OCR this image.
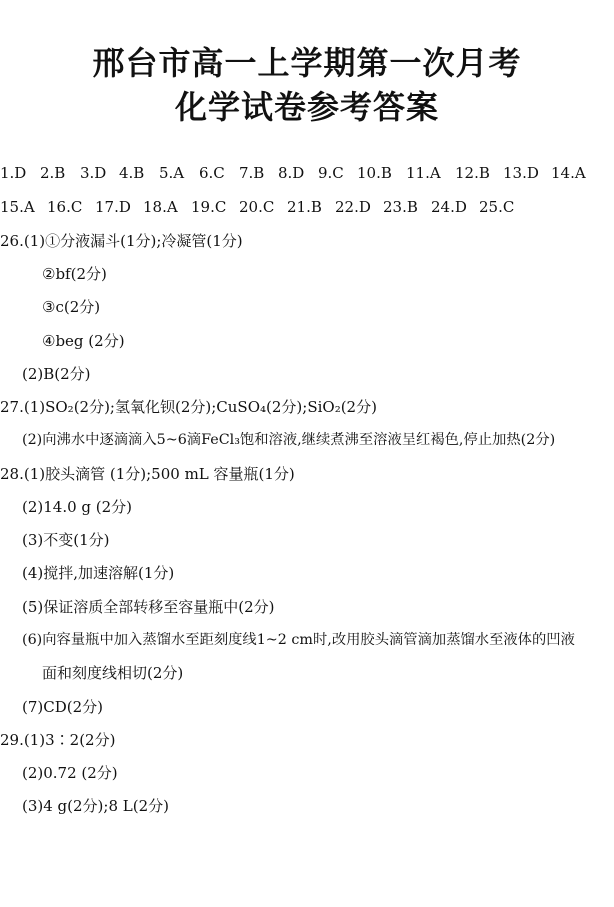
邢台市高一上学期第一次月考
化学试卷参考答案
1.D 2.B 3.D 4.B 5.A 6.C 7.B 8.D 9.C 10.B 11.A 12.B 13.D 14.A
15.A 16.C 17.D 18.A 19.C 20.C 21.B 22.D 23.B 24.D 25.C
26.(1)①分液漏斗(1分);冷凝管(1分)
②bf(2分)
③c(2分)
④beg (2分)
(2)B(2分)
27.(1)SO₂(2分);氢氧化钡(2分);CuSO₄(2分);SiO₂(2分)
(2)向沸水中逐滴滴入5~6滴FeCl₃饱和溶液,继续煮沸至溶液呈红褐色,停止加热(2分)
28.(1)胶头滴管 (1分);500 mL 容量瓶(1分)
(2)14.0 g (2分)
(3)不变(1分)
(4)搅拌,加速溶解(1分)
(5)保证溶质全部转移至容量瓶中(2分)
(6)向容量瓶中加入蒸馏水至距刻度线1~2 cm时,改用胶头滴管滴加蒸馏水至液体的凹液
面和刻度线相切(2分)
(7)CD(2分)
29.(1)3∶2(2分)
(2)0.72 (2分)
(3)4 g(2分);8 L(2分)
